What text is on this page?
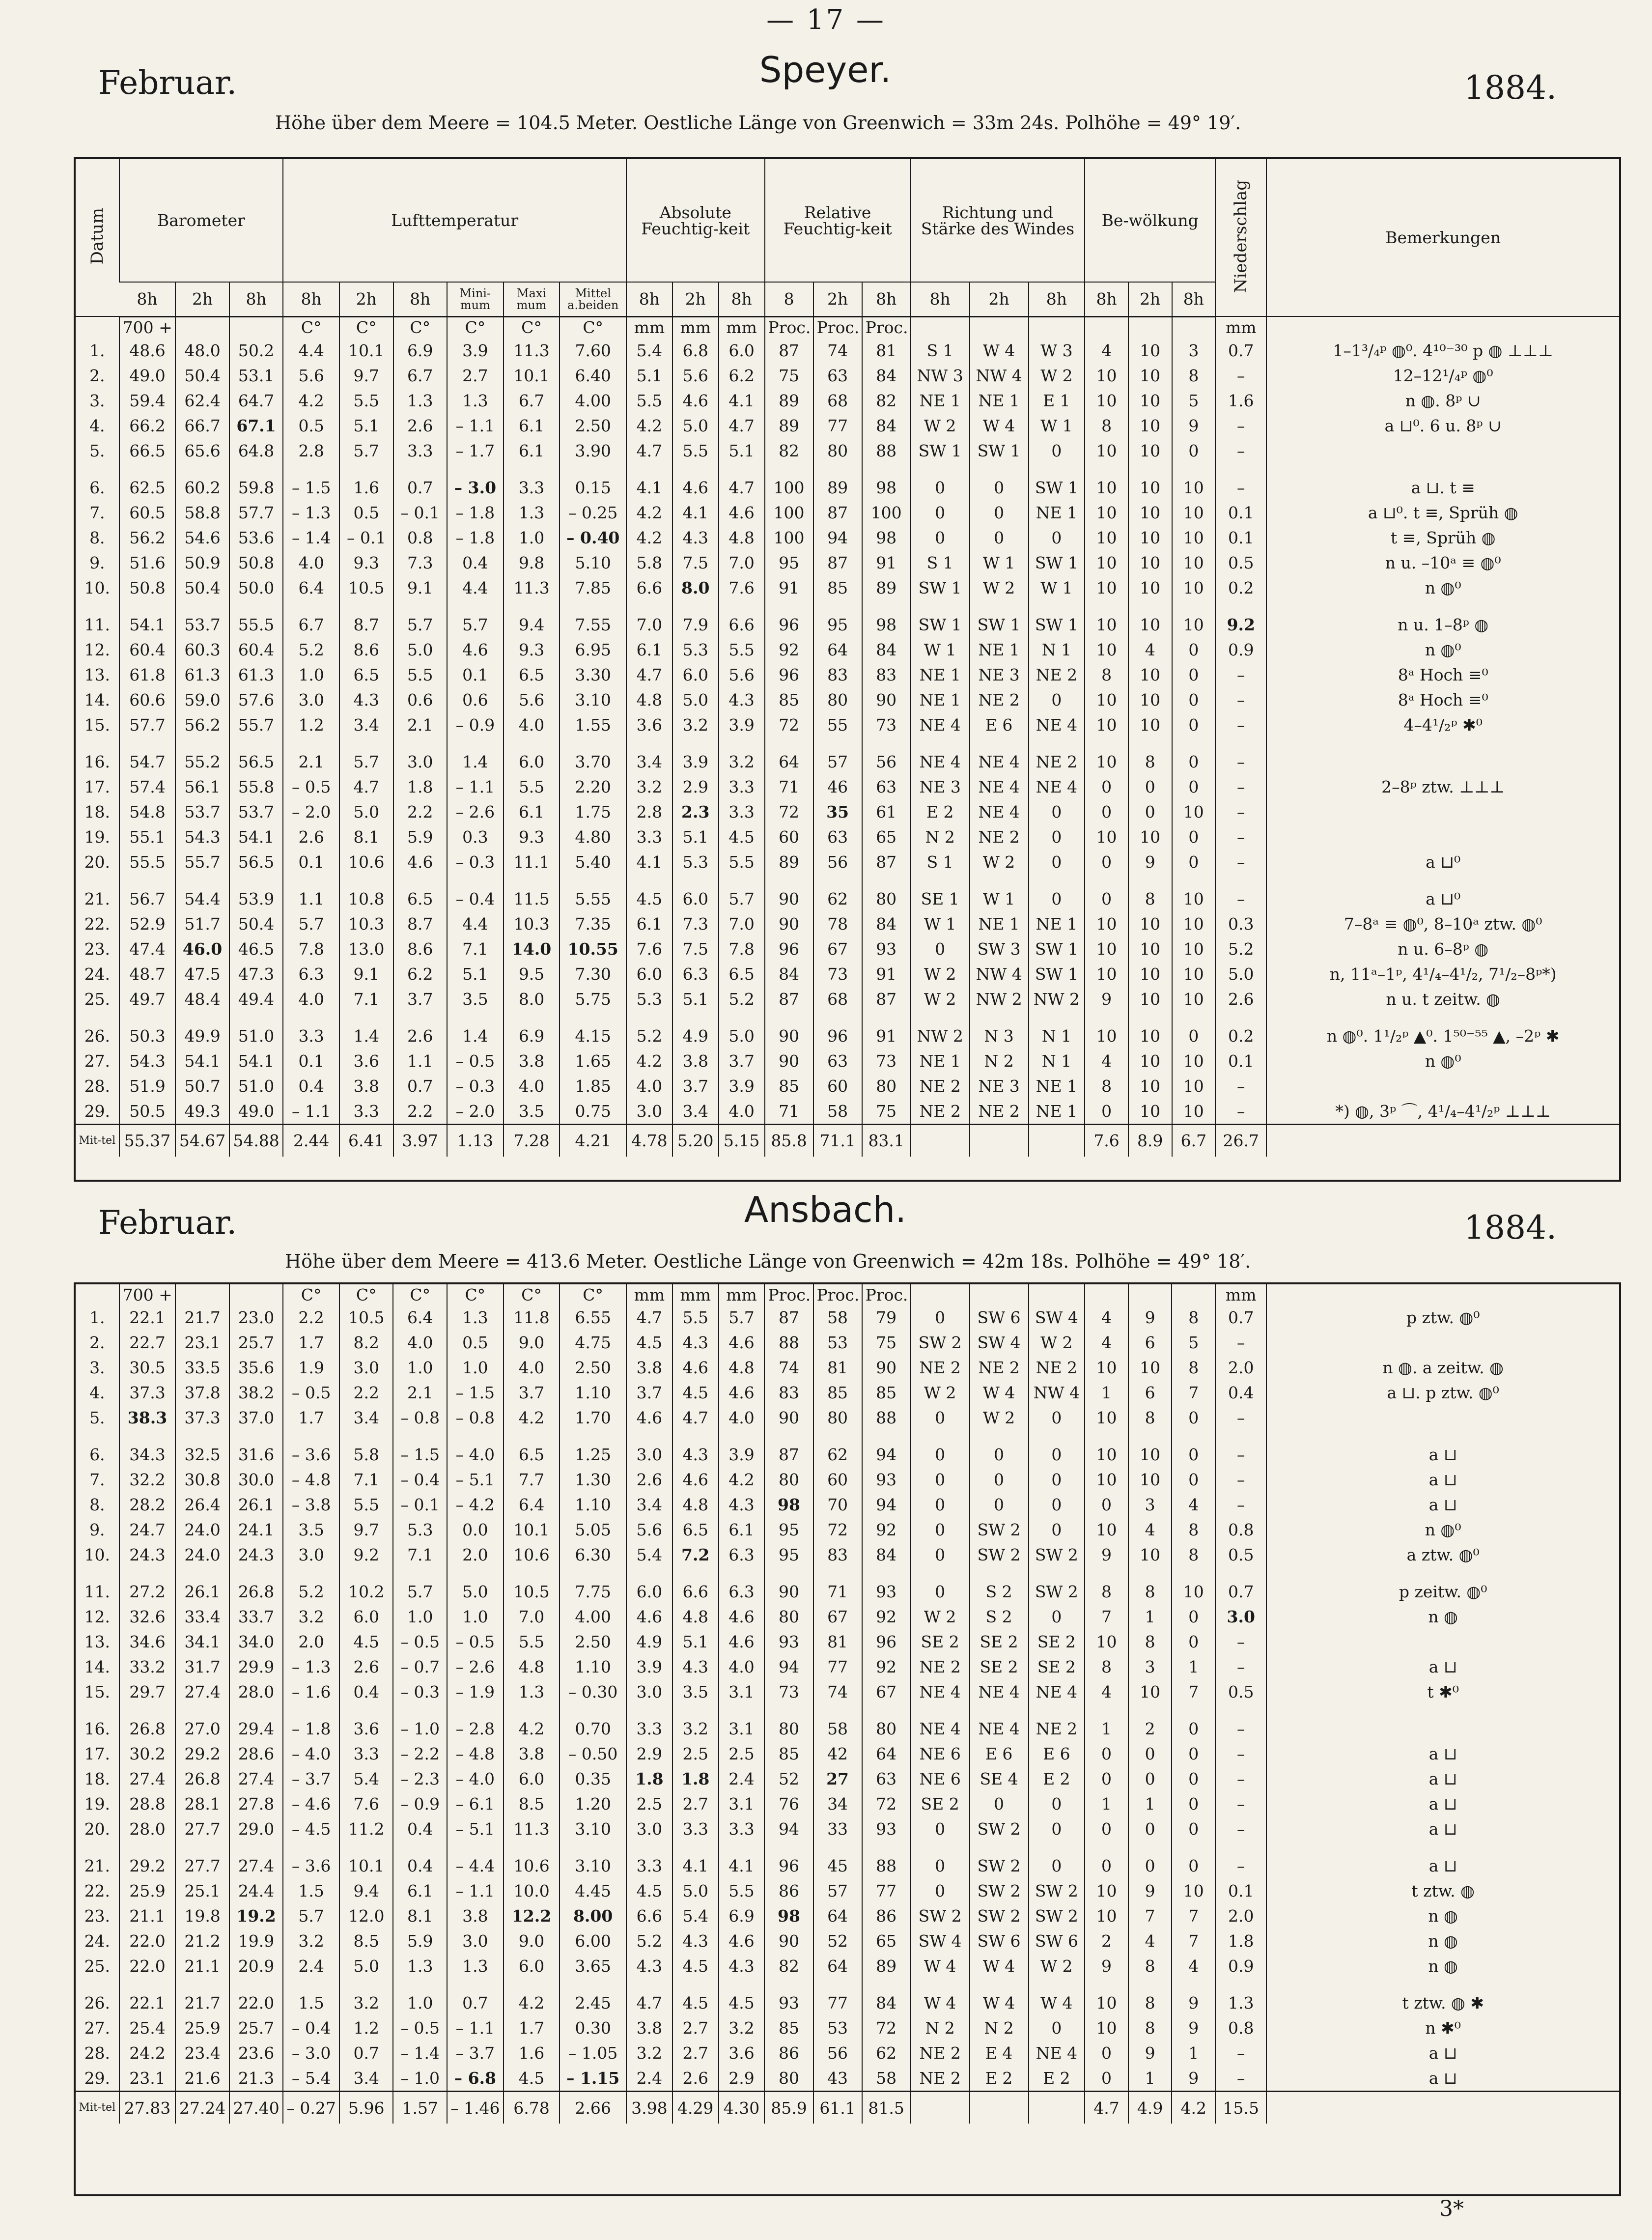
— 17 —
Februar.	Speyer.	1884.
Höhe über dem Meere = 104.5 Meter. Oestliche Länge von Greenwich = 33m 24s. Polhöhe = 49° 19′.
Datum	Barometer			Lufttemperatur						Absolute Feuchtig-keit			Relative Feuchtig-keit			Richtung und Stärke des Windes			Be-wölkung			Niederschlag	Bemerkungen
	8h	2h	8h	8h	2h	8h	Mini-mum	Maxi mum	Mittel a.beiden	8h	2h	8h	8	2h	8h	8h	2h	8h	8h	2h	8h		
	700 +			C°	C°	C°	C°	C°	C°	mm	mm	mm	Proc.	Proc.	Proc.							mm	
1.	48.6	48.0	50.2	4.4	10.1	6.9	3.9	11.3	7.60	5.4	6.8	6.0	87	74	81	S 1	W 4	W 3	4	10	3	0.7	1–1³/₄ᵖ ◍⁰. 4¹⁰⁻³⁰ p ◍ ⊥⊥⊥
2.	49.0	50.4	53.1	5.6	9.7	6.7	2.7	10.1	6.40	5.1	5.6	6.2	75	63	84	NW 3	NW 4	W 2	10	10	8	–	12–12¹/₄ᵖ ◍⁰
3.	59.4	62.4	64.7	4.2	5.5	1.3	1.3	6.7	4.00	5.5	4.6	4.1	89	68	82	NE 1	NE 1	E 1	10	10	5	1.6	n ◍. 8ᵖ ∪
4.	66.2	66.7	67.1	0.5	5.1	2.6	– 1.1	6.1	2.50	4.2	5.0	4.7	89	77	84	W 2	W 4	W 1	8	10	9	–	a ⊔⁰. 6 u. 8ᵖ ∪
5.	66.5	65.6	64.8	2.8	5.7	3.3	– 1.7	6.1	3.90	4.7	5.5	5.1	82	80	88	SW 1	SW 1	0	10	10	0	–	

6.	62.5	60.2	59.8	– 1.5	1.6	0.7	– 3.0	3.3	0.15	4.1	4.6	4.7	100	89	98	0	0	SW 1	10	10	10	–	a ⊔. t ≡
7.	60.5	58.8	57.7	– 1.3	0.5	– 0.1	– 1.8	1.3	– 0.25	4.2	4.1	4.6	100	87	100	0	0	NE 1	10	10	10	0.1	a ⊔⁰. t ≡, Sprüh ◍
8.	56.2	54.6	53.6	– 1.4	– 0.1	0.8	– 1.8	1.0	– 0.40	4.2	4.3	4.8	100	94	98	0	0	0	10	10	10	0.1	t ≡, Sprüh ◍
9.	51.6	50.9	50.8	4.0	9.3	7.3	0.4	9.8	5.10	5.8	7.5	7.0	95	87	91	S 1	W 1	SW 1	10	10	10	0.5	n u. –10ᵃ ≡ ◍⁰
10.	50.8	50.4	50.0	6.4	10.5	9.1	4.4	11.3	7.85	6.6	8.0	7.6	91	85	89	SW 1	W 2	W 1	10	10	10	0.2	n ◍⁰

11.	54.1	53.7	55.5	6.7	8.7	5.7	5.7	9.4	7.55	7.0	7.9	6.6	96	95	98	SW 1	SW 1	SW 1	10	10	10	9.2	n u. 1–8ᵖ ◍
12.	60.4	60.3	60.4	5.2	8.6	5.0	4.6	9.3	6.95	6.1	5.3	5.5	92	64	84	W 1	NE 1	N 1	10	4	0	0.9	n ◍⁰
13.	61.8	61.3	61.3	1.0	6.5	5.5	0.1	6.5	3.30	4.7	6.0	5.6	96	83	83	NE 1	NE 3	NE 2	8	10	0	–	8ᵃ Hoch ≡⁰
14.	60.6	59.0	57.6	3.0	4.3	0.6	0.6	5.6	3.10	4.8	5.0	4.3	85	80	90	NE 1	NE 2	0	10	10	0	–	8ᵃ Hoch ≡⁰
15.	57.7	56.2	55.7	1.2	3.4	2.1	– 0.9	4.0	1.55	3.6	3.2	3.9	72	55	73	NE 4	E 6	NE 4	10	10	0	–	4–4¹/₂ᵖ ✱⁰

16.	54.7	55.2	56.5	2.1	5.7	3.0	1.4	6.0	3.70	3.4	3.9	3.2	64	57	56	NE 4	NE 4	NE 2	10	8	0	–	
17.	57.4	56.1	55.8	– 0.5	4.7	1.8	– 1.1	5.5	2.20	3.2	2.9	3.3	71	46	63	NE 3	NE 4	NE 4	0	0	0	–	2–8ᵖ ztw. ⊥⊥⊥
18.	54.8	53.7	53.7	– 2.0	5.0	2.2	– 2.6	6.1	1.75	2.8	2.3	3.3	72	35	61	E 2	NE 4	0	0	0	10	–	
19.	55.1	54.3	54.1	2.6	8.1	5.9	0.3	9.3	4.80	3.3	5.1	4.5	60	63	65	N 2	NE 2	0	10	10	0	–	
20.	55.5	55.7	56.5	0.1	10.6	4.6	– 0.3	11.1	5.40	4.1	5.3	5.5	89	56	87	S 1	W 2	0	0	9	0	–	a ⊔⁰

21.	56.7	54.4	53.9	1.1	10.8	6.5	– 0.4	11.5	5.55	4.5	6.0	5.7	90	62	80	SE 1	W 1	0	0	8	10	–	a ⊔⁰
22.	52.9	51.7	50.4	5.7	10.3	8.7	4.4	10.3	7.35	6.1	7.3	7.0	90	78	84	W 1	NE 1	NE 1	10	10	10	0.3	7–8ᵃ ≡ ◍⁰, 8–10ᵃ ztw. ◍⁰
23.	47.4	46.0	46.5	7.8	13.0	8.6	7.1	14.0	10.55	7.6	7.5	7.8	96	67	93	0	SW 3	SW 1	10	10	10	5.2	n u. 6–8ᵖ ◍
24.	48.7	47.5	47.3	6.3	9.1	6.2	5.1	9.5	7.30	6.0	6.3	6.5	84	73	91	W 2	NW 4	SW 1	10	10	10	5.0	n, 11ᵃ–1ᵖ, 4¹/₄–4¹/₂, 7¹/₂–8ᵖ*)
25.	49.7	48.4	49.4	4.0	7.1	3.7	3.5	8.0	5.75	5.3	5.1	5.2	87	68	87	W 2	NW 2	NW 2	9	10	10	2.6	n u. t zeitw. ◍

26.	50.3	49.9	51.0	3.3	1.4	2.6	1.4	6.9	4.15	5.2	4.9	5.0	90	96	91	NW 2	N 3	N 1	10	10	0	0.2	n ◍⁰. 1¹/₂ᵖ ▲⁰. 1⁵⁰⁻⁵⁵ ▲, –2ᵖ ✱
27.	54.3	54.1	54.1	0.1	3.6	1.1	– 0.5	3.8	1.65	4.2	3.8	3.7	90	63	73	NE 1	N 2	N 1	4	10	10	0.1	n ◍⁰
28.	51.9	50.7	51.0	0.4	3.8	0.7	– 0.3	4.0	1.85	4.0	3.7	3.9	85	60	80	NE 2	NE 3	NE 1	8	10	10	–	
29.	50.5	49.3	49.0	– 1.1	3.3	2.2	– 2.0	3.5	0.75	3.0	3.4	4.0	71	58	75	NE 2	NE 2	NE 1	0	10	10	–	*) ◍, 3ᵖ ⌒, 4¹/₄–4¹/₂ᵖ ⊥⊥⊥
Mit-tel	55.37	54.67	54.88	2.44	6.41	3.97	1.13	7.28	4.21	4.78	5.20	5.15	85.8	71.1	83.1				7.6	8.9	6.7	26.7	
Februar.	Ansbach.	1884.
Höhe über dem Meere = 413.6 Meter. Oestliche Länge von Greenwich = 42m 18s. Polhöhe = 49° 18′.
	700 +			C°	C°	C°	C°	C°	C°	mm	mm	mm	Proc.	Proc.	Proc.							mm	
1.	22.1	21.7	23.0	2.2	10.5	6.4	1.3	11.8	6.55	4.7	5.5	5.7	87	58	79	0	SW 6	SW 4	4	9	8	0.7	p ztw. ◍⁰
2.	22.7	23.1	25.7	1.7	8.2	4.0	0.5	9.0	4.75	4.5	4.3	4.6	88	53	75	SW 2	SW 4	W 2	4	6	5	–	
3.	30.5	33.5	35.6	1.9	3.0	1.0	1.0	4.0	2.50	3.8	4.6	4.8	74	81	90	NE 2	NE 2	NE 2	10	10	8	2.0	n ◍. a zeitw. ◍
4.	37.3	37.8	38.2	– 0.5	2.2	2.1	– 1.5	3.7	1.10	3.7	4.5	4.6	83	85	85	W 2	W 4	NW 4	1	6	7	0.4	a ⊔. p ztw. ◍⁰
5.	38.3	37.3	37.0	1.7	3.4	– 0.8	– 0.8	4.2	1.70	4.6	4.7	4.0	90	80	88	0	W 2	0	10	8	0	–	

6.	34.3	32.5	31.6	– 3.6	5.8	– 1.5	– 4.0	6.5	1.25	3.0	4.3	3.9	87	62	94	0	0	0	10	10	0	–	a ⊔
7.	32.2	30.8	30.0	– 4.8	7.1	– 0.4	– 5.1	7.7	1.30	2.6	4.6	4.2	80	60	93	0	0	0	10	10	0	–	a ⊔
8.	28.2	26.4	26.1	– 3.8	5.5	– 0.1	– 4.2	6.4	1.10	3.4	4.8	4.3	98	70	94	0	0	0	0	3	4	–	a ⊔
9.	24.7	24.0	24.1	3.5	9.7	5.3	0.0	10.1	5.05	5.6	6.5	6.1	95	72	92	0	SW 2	0	10	4	8	0.8	n ◍⁰
10.	24.3	24.0	24.3	3.0	9.2	7.1	2.0	10.6	6.30	5.4	7.2	6.3	95	83	84	0	SW 2	SW 2	9	10	8	0.5	a ztw. ◍⁰

11.	27.2	26.1	26.8	5.2	10.2	5.7	5.0	10.5	7.75	6.0	6.6	6.3	90	71	93	0	S 2	SW 2	8	8	10	0.7	p zeitw. ◍⁰
12.	32.6	33.4	33.7	3.2	6.0	1.0	1.0	7.0	4.00	4.6	4.8	4.6	80	67	92	W 2	S 2	0	7	1	0	3.0	n ◍
13.	34.6	34.1	34.0	2.0	4.5	– 0.5	– 0.5	5.5	2.50	4.9	5.1	4.6	93	81	96	SE 2	SE 2	SE 2	10	8	0	–	
14.	33.2	31.7	29.9	– 1.3	2.6	– 0.7	– 2.6	4.8	1.10	3.9	4.3	4.0	94	77	92	NE 2	SE 2	SE 2	8	3	1	–	a ⊔
15.	29.7	27.4	28.0	– 1.6	0.4	– 0.3	– 1.9	1.3	– 0.30	3.0	3.5	3.1	73	74	67	NE 4	NE 4	NE 4	4	10	7	0.5	t ✱⁰

16.	26.8	27.0	29.4	– 1.8	3.6	– 1.0	– 2.8	4.2	0.70	3.3	3.2	3.1	80	58	80	NE 4	NE 4	NE 2	1	2	0	–	
17.	30.2	29.2	28.6	– 4.0	3.3	– 2.2	– 4.8	3.8	– 0.50	2.9	2.5	2.5	85	42	64	NE 6	E 6	E 6	0	0	0	–	a ⊔
18.	27.4	26.8	27.4	– 3.7	5.4	– 2.3	– 4.0	6.0	0.35	1.8	1.8	2.4	52	27	63	NE 6	SE 4	E 2	0	0	0	–	a ⊔
19.	28.8	28.1	27.8	– 4.6	7.6	– 0.9	– 6.1	8.5	1.20	2.5	2.7	3.1	76	34	72	SE 2	0	0	1	1	0	–	a ⊔
20.	28.0	27.7	29.0	– 4.5	11.2	0.4	– 5.1	11.3	3.10	3.0	3.3	3.3	94	33	93	0	SW 2	0	0	0	0	–	a ⊔

21.	29.2	27.7	27.4	– 3.6	10.1	0.4	– 4.4	10.6	3.10	3.3	4.1	4.1	96	45	88	0	SW 2	0	0	0	0	–	a ⊔
22.	25.9	25.1	24.4	1.5	9.4	6.1	– 1.1	10.0	4.45	4.5	5.0	5.5	86	57	77	0	SW 2	SW 2	10	9	10	0.1	t ztw. ◍
23.	21.1	19.8	19.2	5.7	12.0	8.1	3.8	12.2	8.00	6.6	5.4	6.9	98	64	86	SW 2	SW 2	SW 2	10	7	7	2.0	n ◍
24.	22.0	21.2	19.9	3.2	8.5	5.9	3.0	9.0	6.00	5.2	4.3	4.6	90	52	65	SW 4	SW 6	SW 6	2	4	7	1.8	n ◍
25.	22.0	21.1	20.9	2.4	5.0	1.3	1.3	6.0	3.65	4.3	4.5	4.3	82	64	89	W 4	W 4	W 2	9	8	4	0.9	n ◍

26.	22.1	21.7	22.0	1.5	3.2	1.0	0.7	4.2	2.45	4.7	4.5	4.5	93	77	84	W 4	W 4	W 4	10	8	9	1.3	t ztw. ◍ ✱
27.	25.4	25.9	25.7	– 0.4	1.2	– 0.5	– 1.1	1.7	0.30	3.8	2.7	3.2	85	53	72	N 2	N 2	0	10	8	9	0.8	n ✱⁰
28.	24.2	23.4	23.6	– 3.0	0.7	– 1.4	– 3.7	1.6	– 1.05	3.2	2.7	3.6	86	56	62	NE 2	E 4	NE 4	0	9	1	–	a ⊔
29.	23.1	21.6	21.3	– 5.4	3.4	– 1.0	– 6.8	4.5	– 1.15	2.4	2.6	2.9	80	43	58	NE 2	E 2	E 2	0	1	9	–	a ⊔
Mit-tel	27.83	27.24	27.40	– 0.27	5.96	1.57	– 1.46	6.78	2.66	3.98	4.29	4.30	85.9	61.1	81.5				4.7	4.9	4.2	15.5	
3*
